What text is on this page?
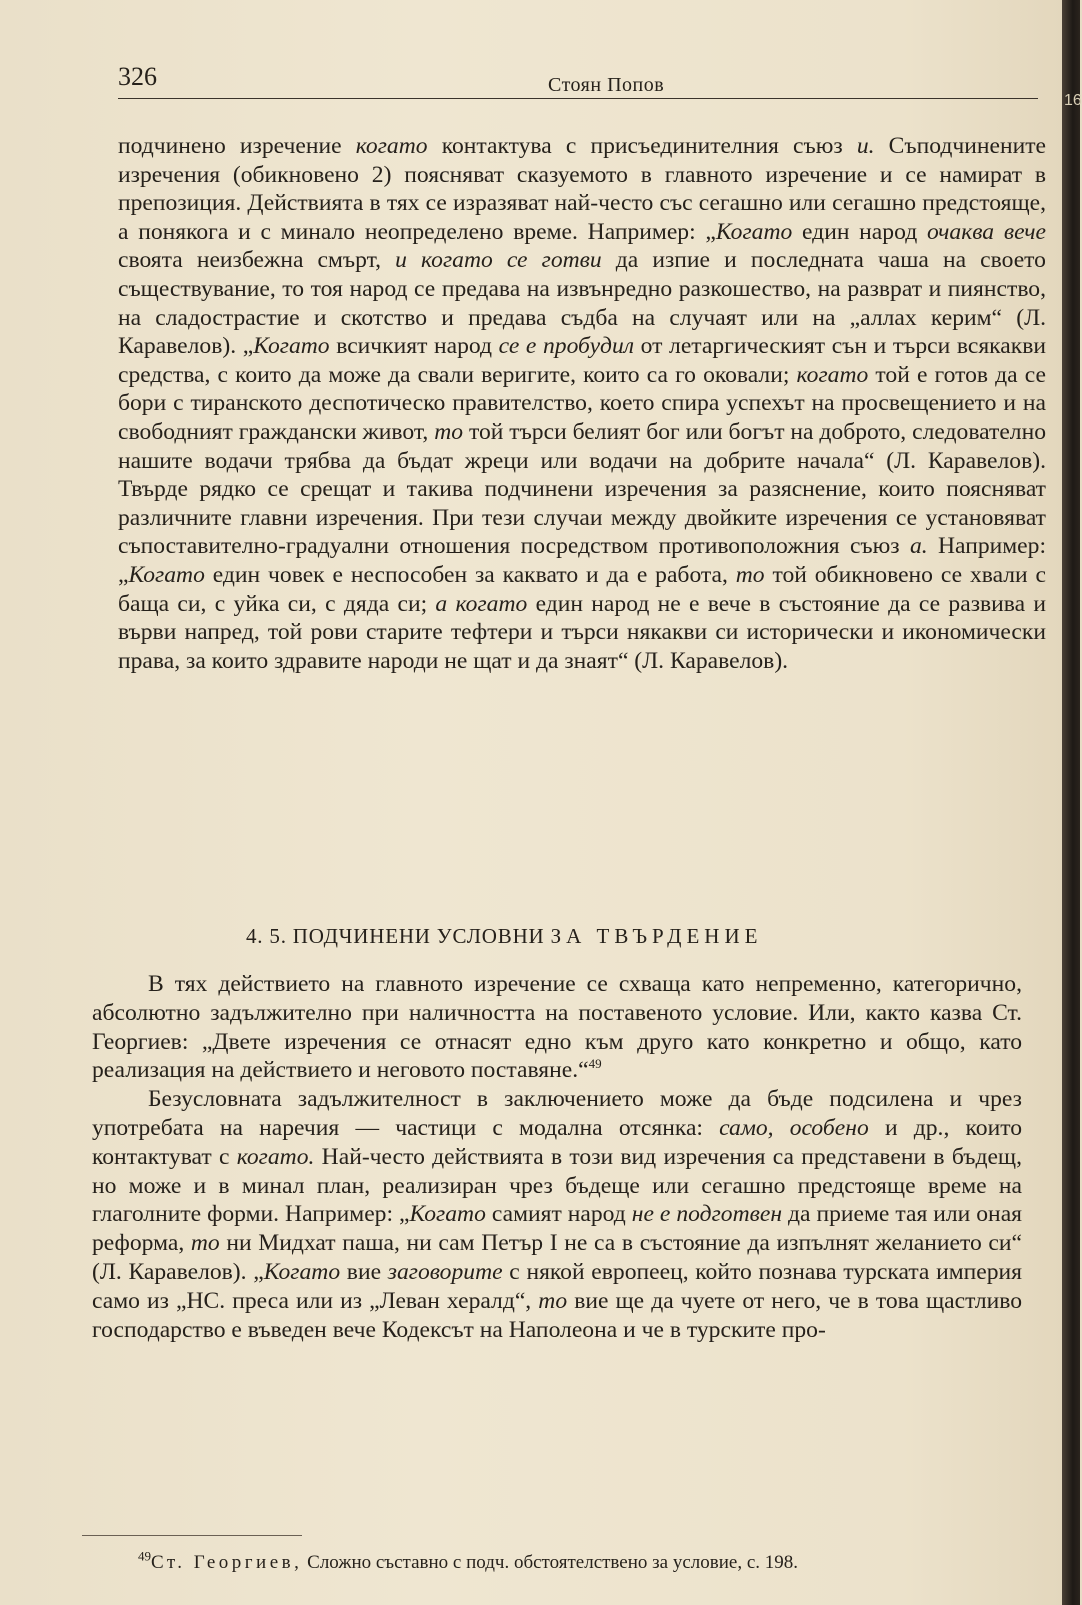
326	Стоян Попов

подчинено изречение когато контактува с присъединителния съюз и. Съподчинените изречения (обикновено 2) поясняват сказуемото в главното изречение и се намират в препозиция. Действията в тях се изразяват най-често със сегашно или сегашно предстояще, а понякога и с минало неопределено време. Например: „Когато един народ очаква вече своята неизбежна смърт, и когато се готви да изпие и последната чаша на своето съществувание, то тоя народ се предава на извънредно разкошество, на разврат и пиянство, на сладострастие и скотство и предава съдба на случаят или на „аллах керим“ (Л. Каравелов). „Когато всичкият народ се е пробудил от летаргическият сън и търси всякакви средства, с които да може да свали веригите, които са го оковали; когато той е готов да се бори с тиранското деспотическо правителство, което спира успехът на просвещението и на свободният граждански живот, то той търси белият бог или богът на доброто, следователно нашите водачи трябва да бъдат жреци или водачи на добрите начала“ (Л. Каравелов). Твърде рядко се срещат и такива подчинени изречения за разяснение, които поясняват различните главни изречения. При тези случаи между двойките изречения се установяват съпоставително-градуални отношения посредством противоположния съюз а. Например: „Когато един човек е неспособен за каквато и да е работа, то той обикновено се хвали с баща си, с уйка си, с дяда си; а когато един народ не е вече в състояние да се развива и върви напред, той рови старите тефтери и търси някакви си исторически и икономически права, за които здравите народи не щат и да знаят“ (Л. Каравелов).

4. 5. ПОДЧИНЕНИ УСЛОВНИ ЗА ТВЪРДЕНИЕ

В тях действието на главното изречение се схваща като непременно, категорично, абсолютно задължително при наличността на поставеното условие. Или, както казва Ст. Георгиев: „Двете изречения се отнасят едно към друго като конкретно и общо, като реализация на действието и неговото поставяне.“$^{49}$

Безусловната задължителност в заключението може да бъде подсилена и чрез употребата на наречия — частици с модална отсянка: само, особено и др., които контактуват с когато. Най-често действията в този вид изречения са представени в бъдещ, но може и в минал план, реализиран чрез бъдеще или сегашно предстояще време на глаголните форми. Например: „Когато самият народ не е подготвен да приеме тая или оная реформа, то ни Мидхат паша, ни сам Петър I не са в състояние да изпълнят желанието си“ (Л. Каравелов). „Когато вие заговорите с някой европеец, който познава турската империя само из „НС. преса или из „Леван хералд“, то вие ще да чуете от него, че в това щастливо господарство е въведен вече Кодексът на Наполеона и че в турските про-

$^{49}$Ст. Георгиев, Сложно съставно с подч. обстоятелствено за условие, с. 198.
16
